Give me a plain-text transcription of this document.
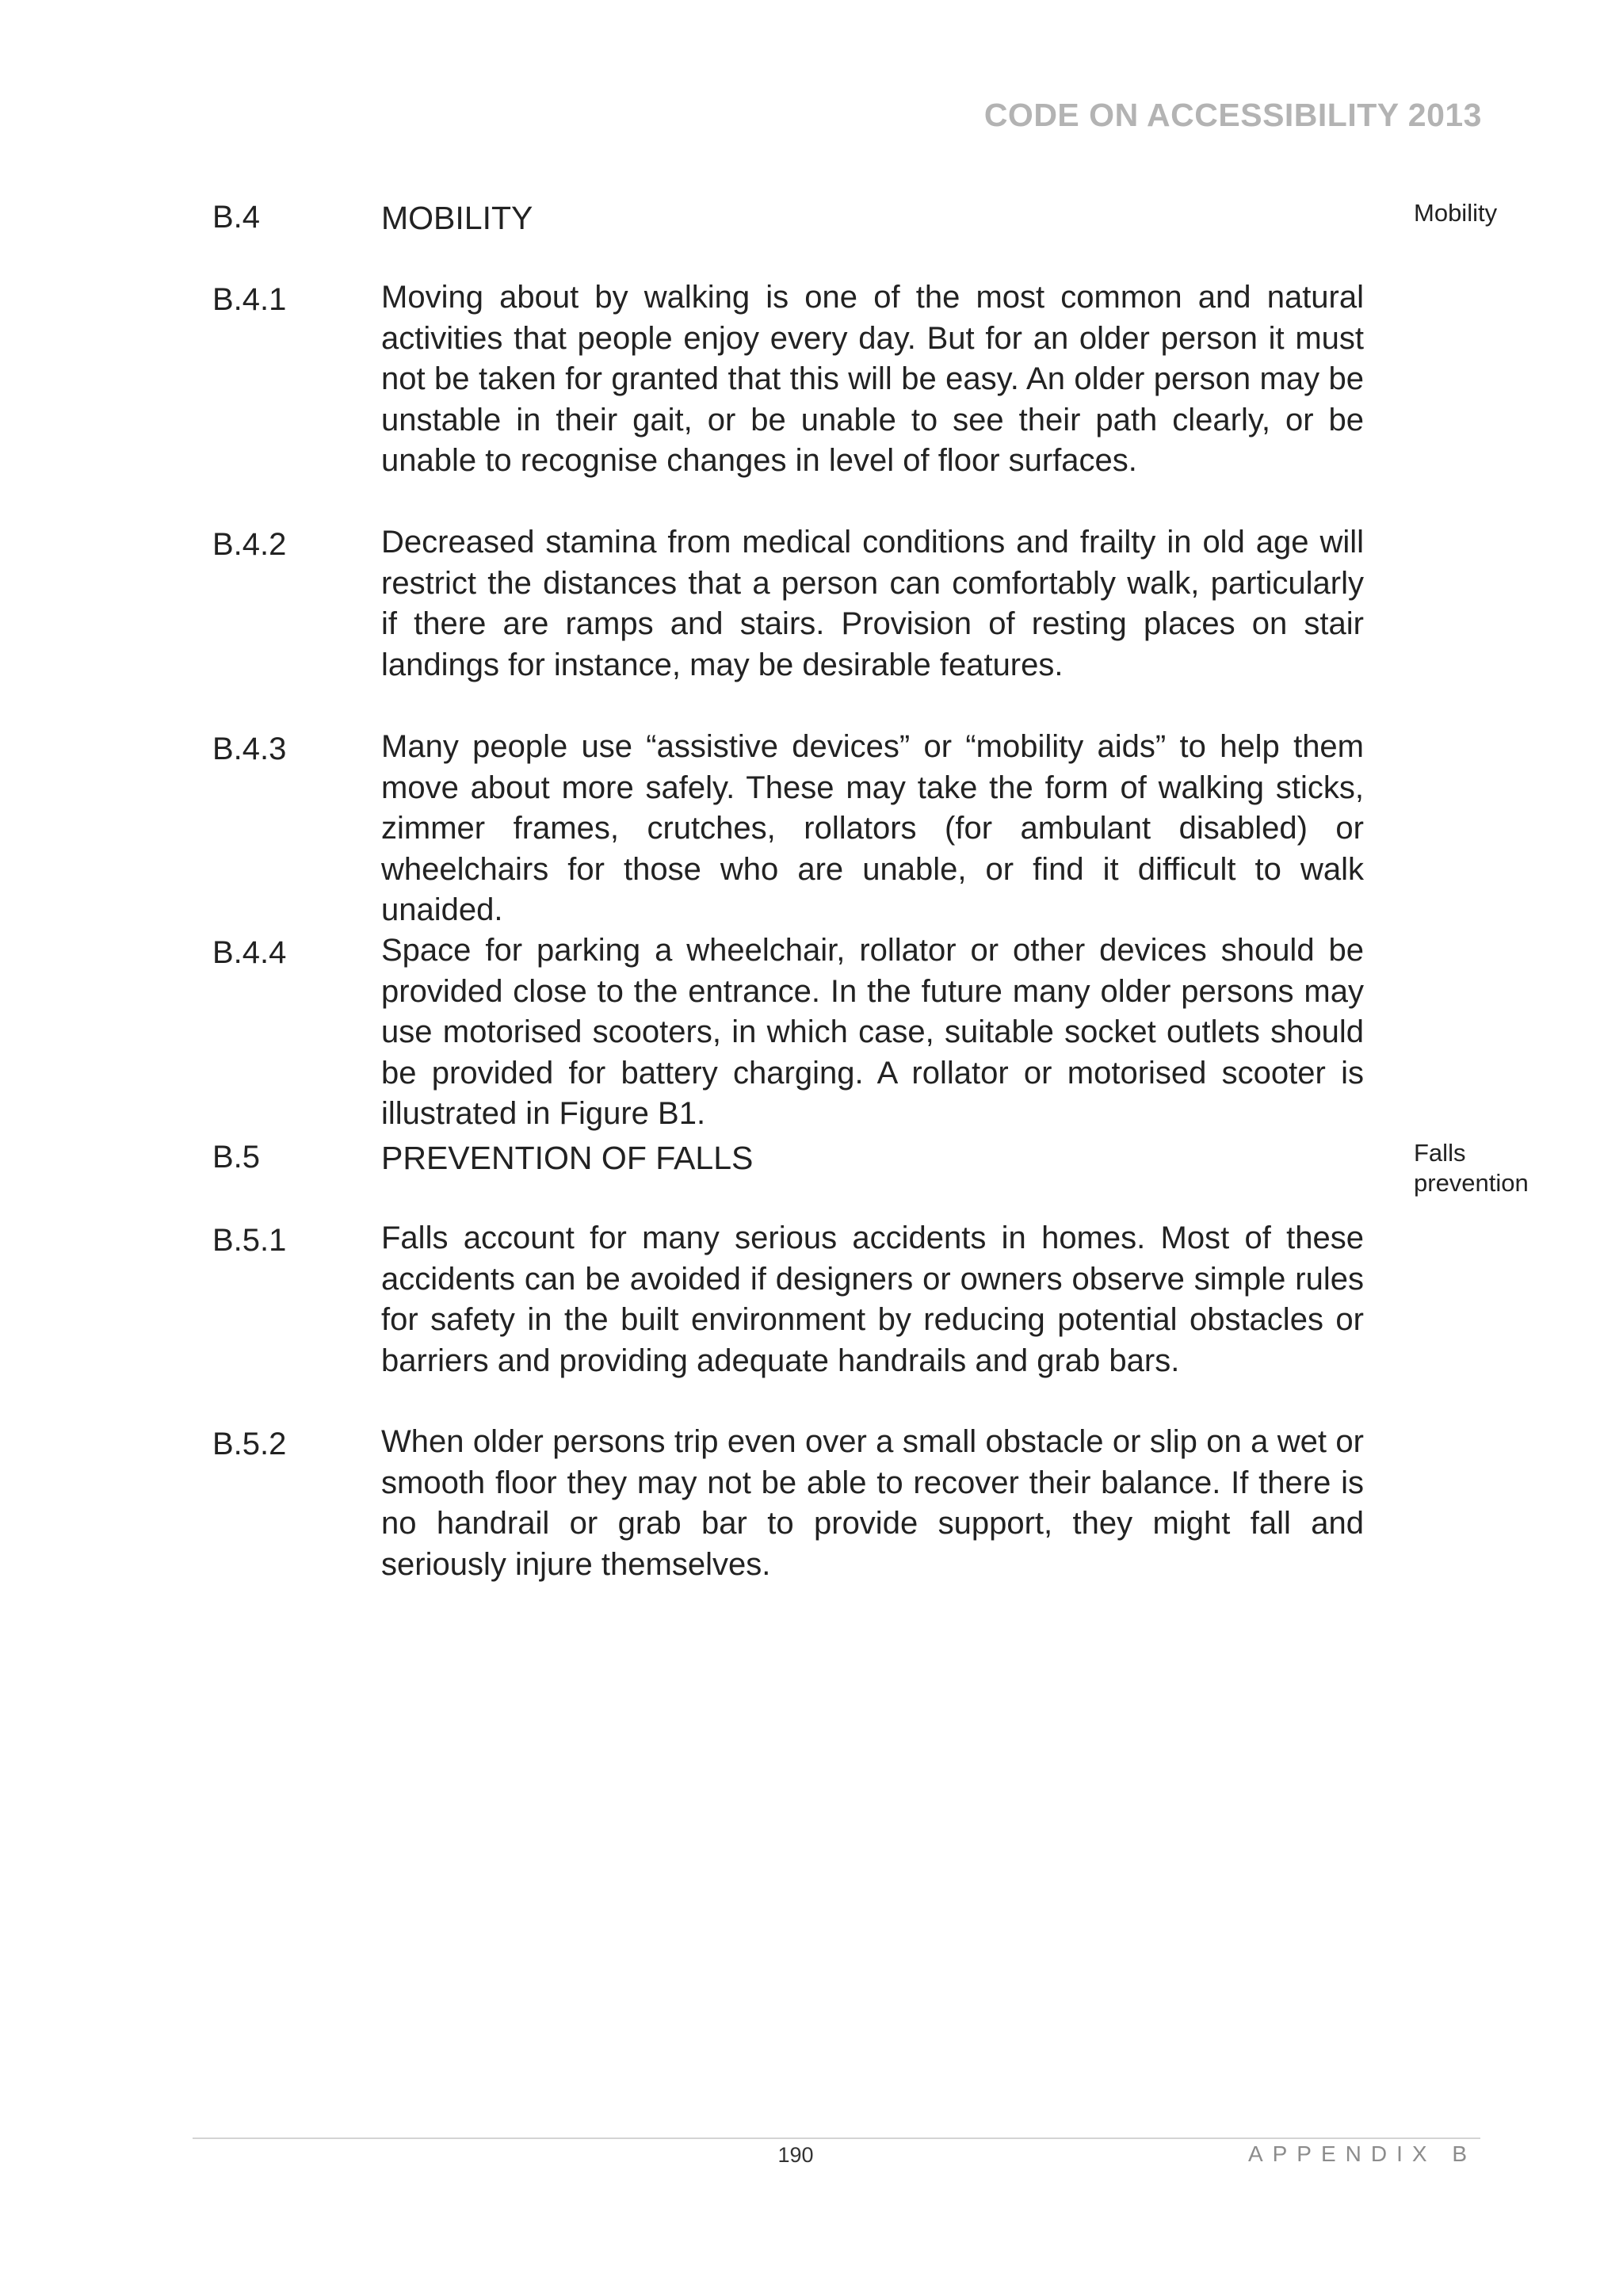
CODE ON ACCESSIBILITY 2013
B.4	MOBILITY	Mobility
B.4.1	Moving about by walking is one of the most common and natural activities that people enjoy every day. But for an older person it must not be taken for granted that this will be easy. An older person may be unstable in their gait, or be unable to see their path clearly, or be unable to recognise changes in level of floor surfaces.
B.4.2	Decreased stamina from medical conditions and frailty in old age will restrict the distances that a person can comfortably walk, particularly if there are ramps and stairs. Provision of resting places on stair landings for instance, may be desirable features.
B.4.3	Many people use “assistive devices” or “mobility aids” to help them move about more safely. These may take the form of walking sticks, zimmer frames, crutches, rollators (for ambulant disabled) or wheelchairs for those who are unable, or find it difficult to walk unaided.
B.4.4	Space for parking a wheelchair, rollator or other devices should be provided close to the entrance. In the future many older persons may use motorised scooters, in which case, suitable socket outlets should be provided for battery charging. A rollator or motorised scooter is illustrated in Figure B1.
B.5	PREVENTION OF FALLS	Falls prevention
B.5.1	Falls account for many serious accidents in homes. Most of these accidents can be avoided if designers or owners observe simple rules for safety in the built environment by reducing potential obstacles or barriers and providing adequate handrails and grab bars.
B.5.2	When older persons trip even over a small obstacle or slip on a wet or smooth floor they may not be able to recover their balance. If there is no handrail or grab bar to provide support, they might fall and seriously injure themselves.
190	APPENDIX B
